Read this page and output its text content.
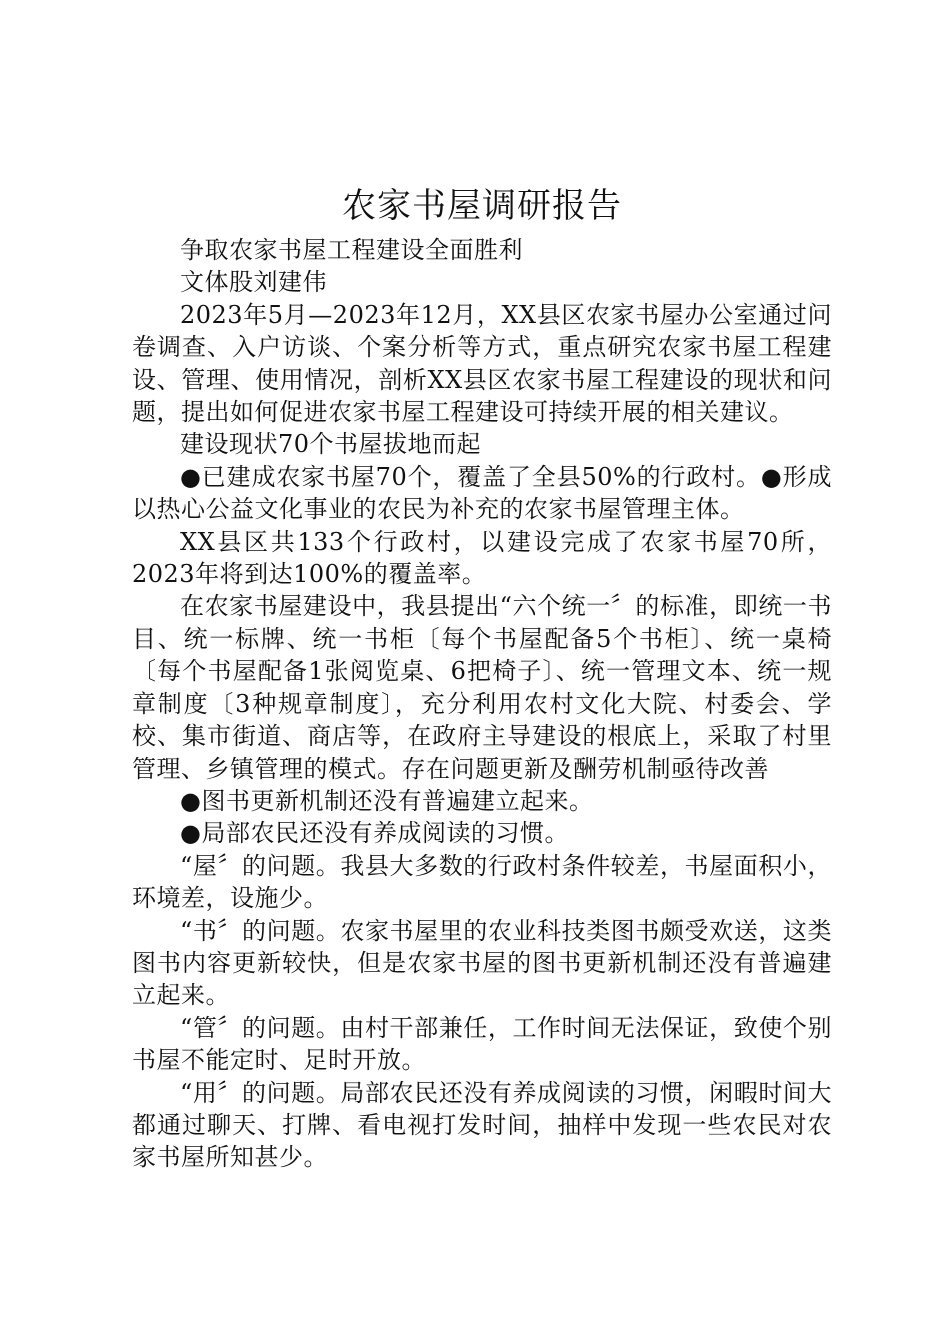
农家书屋调研报告

争取农家书屋工程建设全面胜利

文体股刘建伟

2023年5月—2023年12月，XX县区农家书屋办公室通过问卷调查、入户访谈、个案分析等方式，重点研究农家书屋工程建设、管理、使用情况，剖析XX县区农家书屋工程建设的现状和问题，提出如何促进农家书屋工程建设可持续开展的相关建议。

建设现状70个书屋拔地而起

●已建成农家书屋70个，覆盖了全县50%的行政村。●形成以热心公益文化事业的农民为补充的农家书屋管理主体。

XX县区共133个行政村，以建设完成了农家书屋70所，2023年将到达100%的覆盖率。

在农家书屋建设中，我县提出“六个统一〞的标准，即统一书目、统一标牌、统一书柜〔每个书屋配备5个书柜〕、统一桌椅〔每个书屋配备1张阅览桌、6把椅子〕、统一管理文本、统一规章制度〔3种规章制度〕，充分利用农村文化大院、村委会、学校、集市街道、商店等，在政府主导建设的根底上，采取了村里管理、乡镇管理的模式。存在问题更新及酬劳机制亟待改善

●图书更新机制还没有普遍建立起来。

●局部农民还没有养成阅读的习惯。

“屋〞的问题。我县大多数的行政村条件较差，书屋面积小，环境差，设施少。

“书〞的问题。农家书屋里的农业科技类图书颇受欢送，这类图书内容更新较快，但是农家书屋的图书更新机制还没有普遍建立起来。

“管〞的问题。由村干部兼任，工作时间无法保证，致使个别书屋不能定时、足时开放。

“用〞的问题。局部农民还没有养成阅读的习惯，闲暇时间大都通过聊天、打牌、看电视打发时间，抽样中发现一些农民对农家书屋所知甚少。
